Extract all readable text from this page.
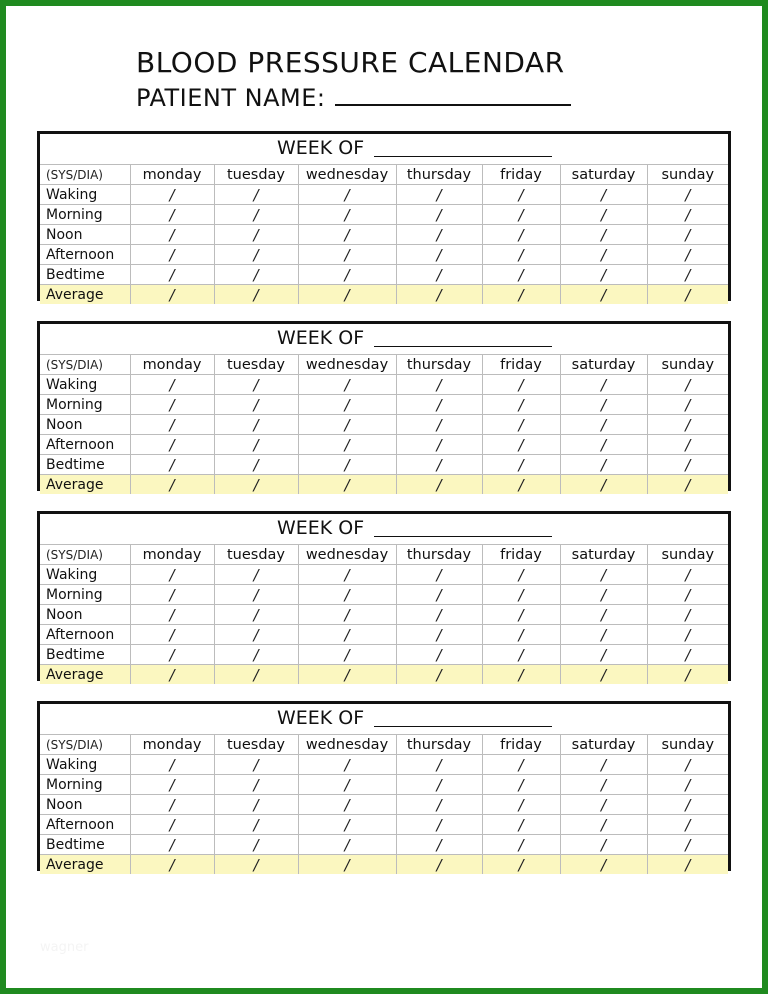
BLOOD PRESSURE CALENDAR
PATIENT NAME:
WEEK OF
(SYS/DIA)	monday	tuesday	wednesday	thursday	friday	saturday	sunday
Waking	/	/	/	/	/	/	/
Morning	/	/	/	/	/	/	/
Noon	/	/	/	/	/	/	/
Afternoon	/	/	/	/	/	/	/
Bedtime	/	/	/	/	/	/	/
Average	/	/	/	/	/	/	/
WEEK OF
(SYS/DIA)	monday	tuesday	wednesday	thursday	friday	saturday	sunday
Waking	/	/	/	/	/	/	/
Morning	/	/	/	/	/	/	/
Noon	/	/	/	/	/	/	/
Afternoon	/	/	/	/	/	/	/
Bedtime	/	/	/	/	/	/	/
Average	/	/	/	/	/	/	/
WEEK OF
(SYS/DIA)	monday	tuesday	wednesday	thursday	friday	saturday	sunday
Waking	/	/	/	/	/	/	/
Morning	/	/	/	/	/	/	/
Noon	/	/	/	/	/	/	/
Afternoon	/	/	/	/	/	/	/
Bedtime	/	/	/	/	/	/	/
Average	/	/	/	/	/	/	/
WEEK OF
(SYS/DIA)	monday	tuesday	wednesday	thursday	friday	saturday	sunday
Waking	/	/	/	/	/	/	/
Morning	/	/	/	/	/	/	/
Noon	/	/	/	/	/	/	/
Afternoon	/	/	/	/	/	/	/
Bedtime	/	/	/	/	/	/	/
Average	/	/	/	/	/	/	/
wagner
